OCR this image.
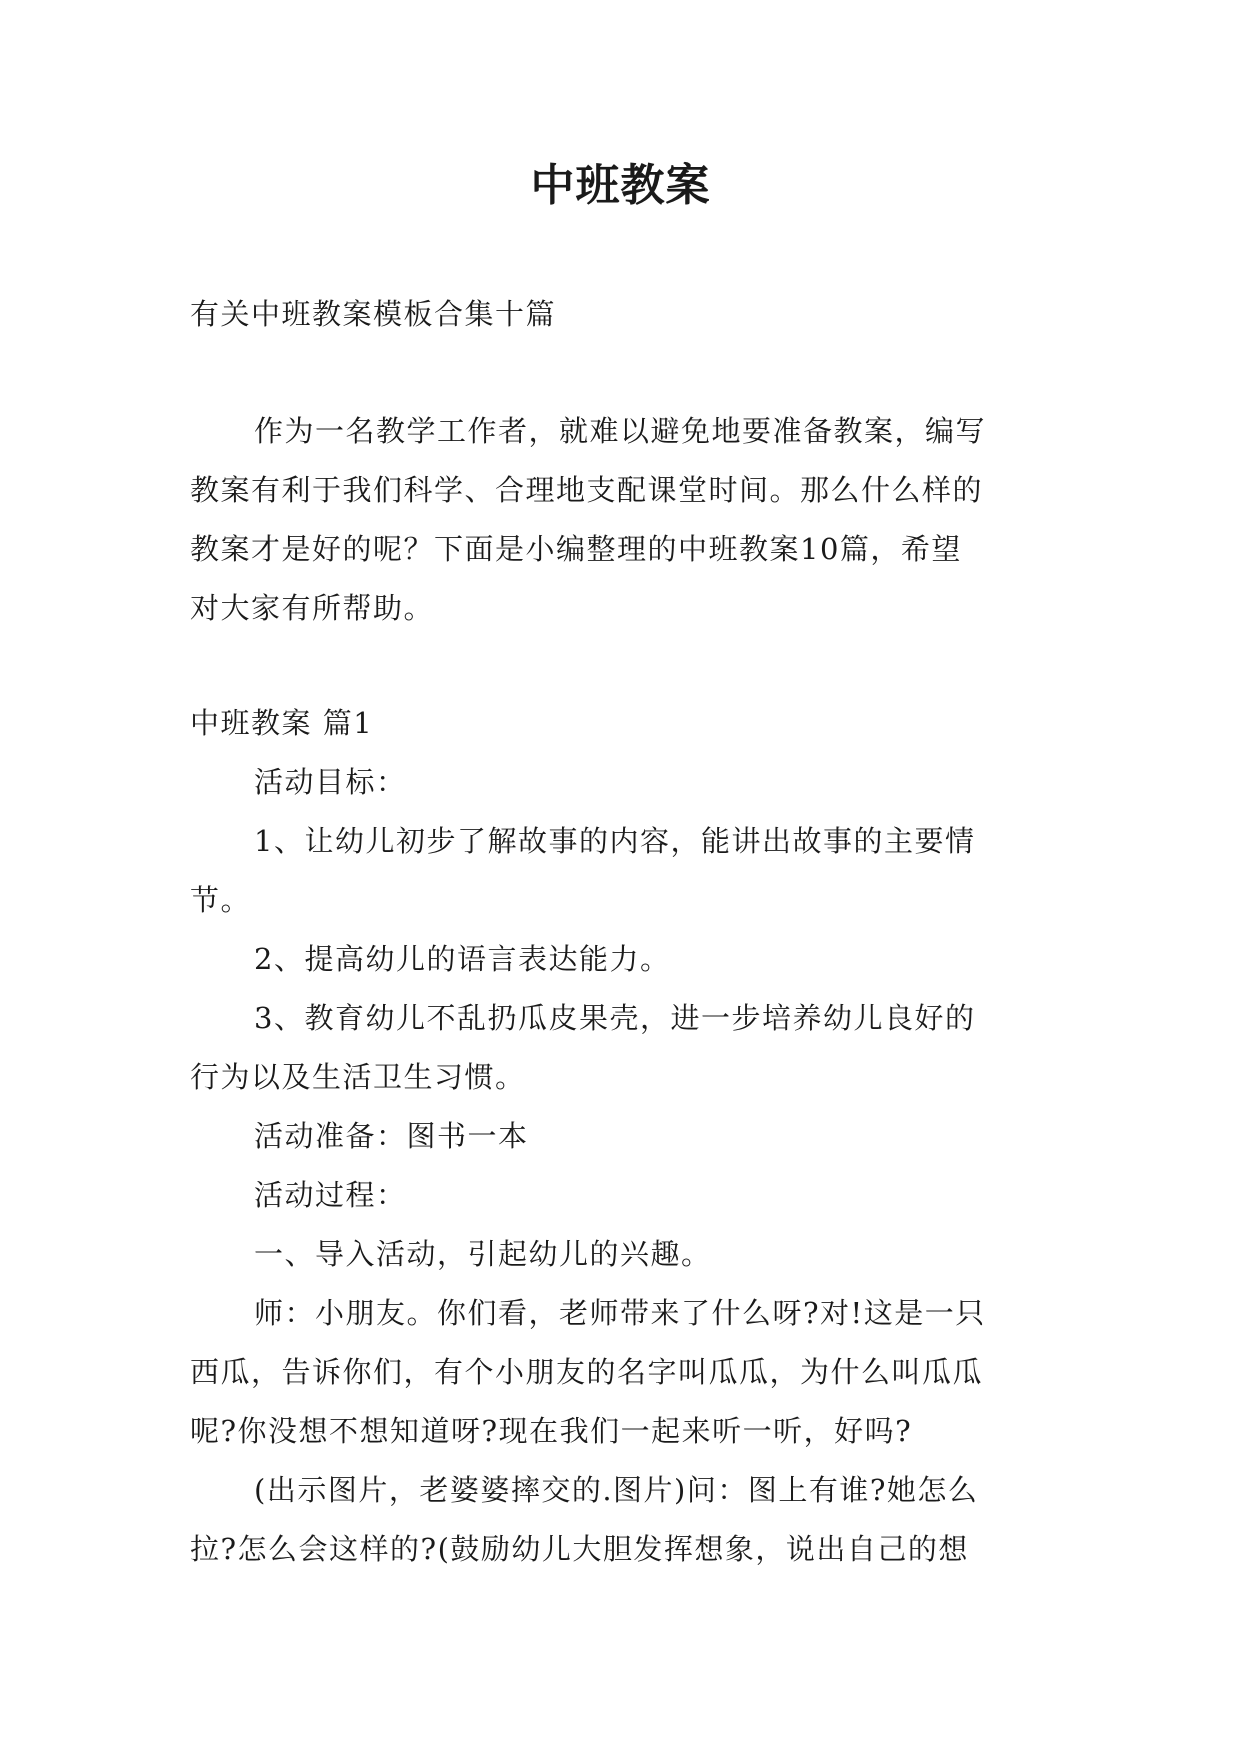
中班教案
有关中班教案模板合集十篇

作为一名教学工作者，就难以避免地要准备教案，编写

教案有利于我们科学、合理地支配课堂时间。那么什么样的

教案才是好的呢？下面是小编整理的中班教案10篇，希望

对大家有所帮助。

中班教案 篇1

活动目标：

1、让幼儿初步了解故事的内容，能讲出故事的主要情

节。

2、提高幼儿的语言表达能力。

3、教育幼儿不乱扔瓜皮果壳，进一步培养幼儿良好的

行为以及生活卫生习惯。

活动准备：图书一本

活动过程：

一、导入活动，引起幼儿的兴趣。

师：小朋友。你们看，老师带来了什么呀?对!这是一只

西瓜，告诉你们，有个小朋友的名字叫瓜瓜，为什么叫瓜瓜

呢?你没想不想知道呀?现在我们一起来听一听，好吗?

(出示图片，老婆婆摔交的.图片)问：图上有谁?她怎么

拉?怎么会这样的?(鼓励幼儿大胆发挥想象，说出自己的想
